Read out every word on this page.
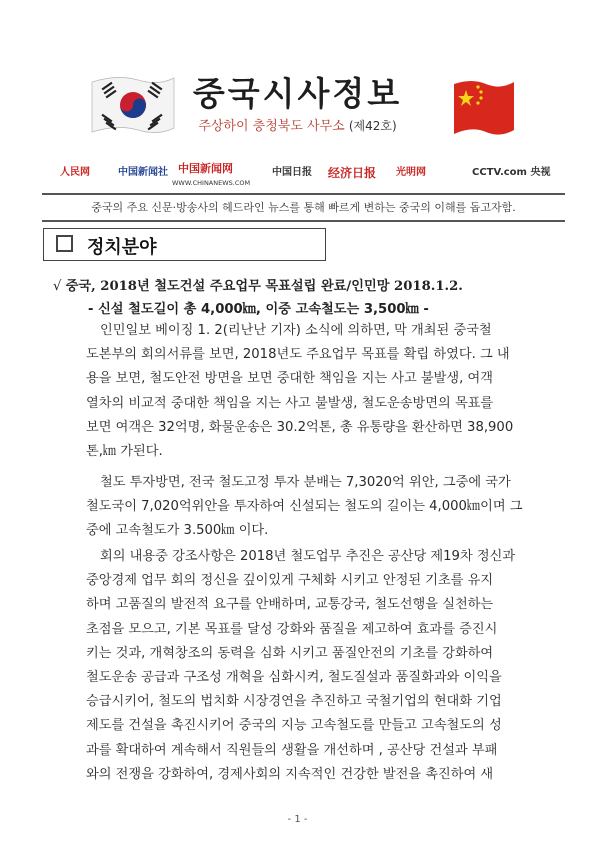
중국시사정보
주상하이 충청북도 사무소 (제42호)
人民网	中国新闻社 中国新闻网
WWW.CHINANEWS.COM
中国日报 经济日报 光明网	CCTV.com 央视
중국의 주요 신문·방송사의 헤드라인 뉴스를 통해 빠르게 변하는 중국의 이해를 돕고자함.
정치분야
√ 중국, 2018년 철도건설 주요업무 목표설립 완료/인민망 2018.1.2.
- 신설 철도길이 총 4,000㎞, 이중 고속철도는 3,500㎞ -
인민일보 베이징 1. 2(리난난 기자) 소식에 의하면, 막 개최된 중국철
도본부의 회의서류를 보면, 2018년도 주요업무 목표를 확립 하였다. 그 내
용을 보면, 철도안전 방면을 보면 중대한 책임을 지는 사고 불발생, 여객
열차의 비교적 중대한 책임을 지는 사고 불발생, 철도운송방면의 목표를
보면 여객은 32억명, 화물운송은 30.2억톤, 총 유통량을 환산하면 38,900
톤,㎞ 가된다.
철도 투자방면, 전국 철도고정 투자 분배는 7,3020억 위안, 그중에 국가
철도국이 7,020억위안을 투자하여 신설되는 철도의 길이는 4,000㎞이며 그
중에 고속철도가 3.500㎞ 이다.
회의 내용중 강조사항은 2018년 철도업무 추진은 공산당 제19차 정신과
중앙경제 업무 회의 정신을 깊이있게 구체화 시키고 안정된 기초를 유지
하며 고품질의 발전적 요구를 안배하며, 교통강국, 철도선행을 실천하는
초점을 모으고, 기본 목표를 달성 강화와 품질을 제고하여 효과를 증진시
키는 것과, 개혁창조의 동력을 심화 시키고 품질안전의 기초를 강화하여
철도운송 공급과 구조성 개혁을 심화시켜, 철도질설과 품질화과와 이익을
승급시키어, 철도의 법치화 시장경연을 추진하고 국철기업의 현대화 기업
제도를 건설을 촉진시키어 중국의 지능 고속철도를 만들고 고속철도의 성
과를 확대하여 계속해서 직원들의 생활을 개선하며 , 공산당 건설과 부패
와의 전쟁을 강화하여, 경제사회의 지속적인 건강한 발전을 촉진하여 새
- 1 -
